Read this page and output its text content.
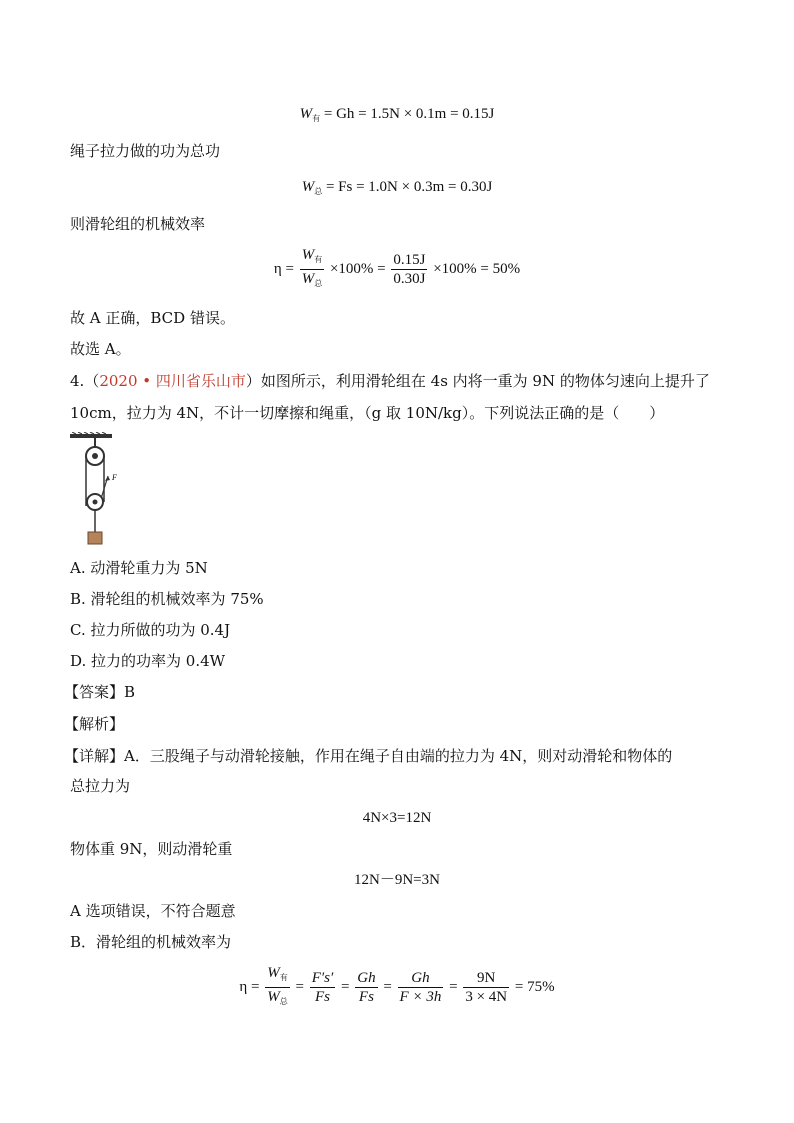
$W_有 = Gh = 1.5N \times 0.1m = 0.15J$
绳子拉力做的功为总功
$W_总 = Fs = 1.0N \times 0.3m = 0.30J$
则滑轮组的机械效率
$\eta = \frac{W_有}{W_总} \times 100\% = \frac{0.15J}{0.30J} \times 100\% = 50\%$
故 A 正确，BCD 错误。
故选 A。
4.（2020 • 四川省乐山市）如图所示，利用滑轮组在 4s 内将一重为 9N 的物体匀速向上提升了
10cm，拉力为 4N，不计一切摩擦和绳重，（g 取 10N/kg）。下列说法正确的是（　　）
F
A. 动滑轮重力为 5N
B. 滑轮组的机械效率为 75%
C. 拉力所做的功为 0.4J
D. 拉力的功率为 0.4W
【答案】B
【解析】
【详解】A．三股绳子与动滑轮接触，作用在绳子自由端的拉力为 4N，则对动滑轮和物体的
总拉力为
4N×3=12N
物体重 9N，则动滑轮重
12N－9N=3N
A 选项错误，不符合题意
B．滑轮组的机械效率为
$\eta = \frac{W_有}{W_总} = \frac{F's'}{Fs} = \frac{Gh}{Fs} = \frac{Gh}{F \times 3h} = \frac{9N}{3 \times 4N} = 75\%$
